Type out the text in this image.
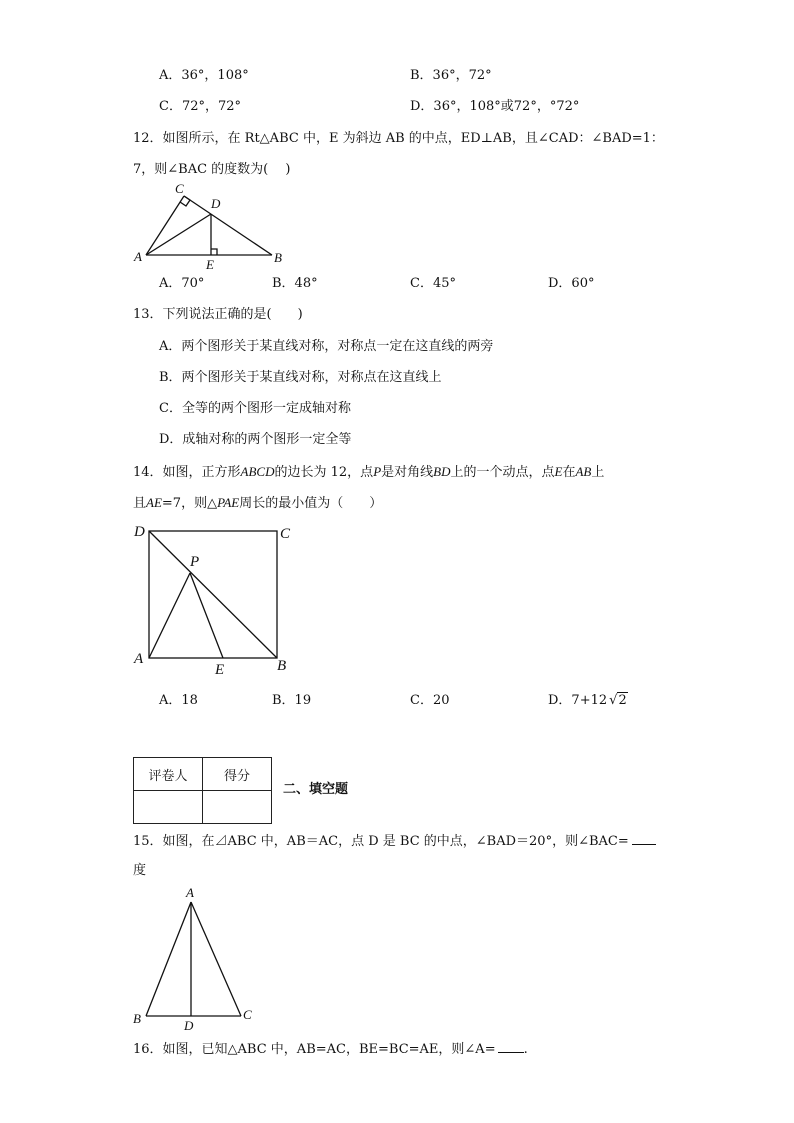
A．36°，108°	B．36°，72°
C．72°，72°	D．36°，108°或72°，°72°
12．如图所示，在 Rt△ABC 中，E 为斜边 AB 的中点，ED⊥AB，且∠CAD：∠BAD=1：
7，则∠BAC 的度数为(　 )
A	B
C
D
E
A．70°	B．48°	C．45°	D．60°
13．下列说法正确的是(　　)
A．两个图形关于某直线对称，对称点一定在这直线的两旁
B．两个图形关于某直线对称，对称点在这直线上
C．全等的两个图形一定成轴对称
D．成轴对称的两个图形一定全等
14．如图，正方形ABCD的边长为 12，点P是对角线BD上的一个动点，点E在AB上
且AE=7，则△PAE周长的最小值为（　　）
D	C
A	B
P
E
A．18	B．19	C．20	D．7+12 √2
评卷人	得分

二、填空题
15．如图，在⊿ABC 中，AB＝AC，点 D 是 BC 的中点，∠BAD＝20°，则∠BAC=
度
A
B	C
D
16．如图，已知△ABC 中，AB=AC，BE=BC=AE，则∠A= .
